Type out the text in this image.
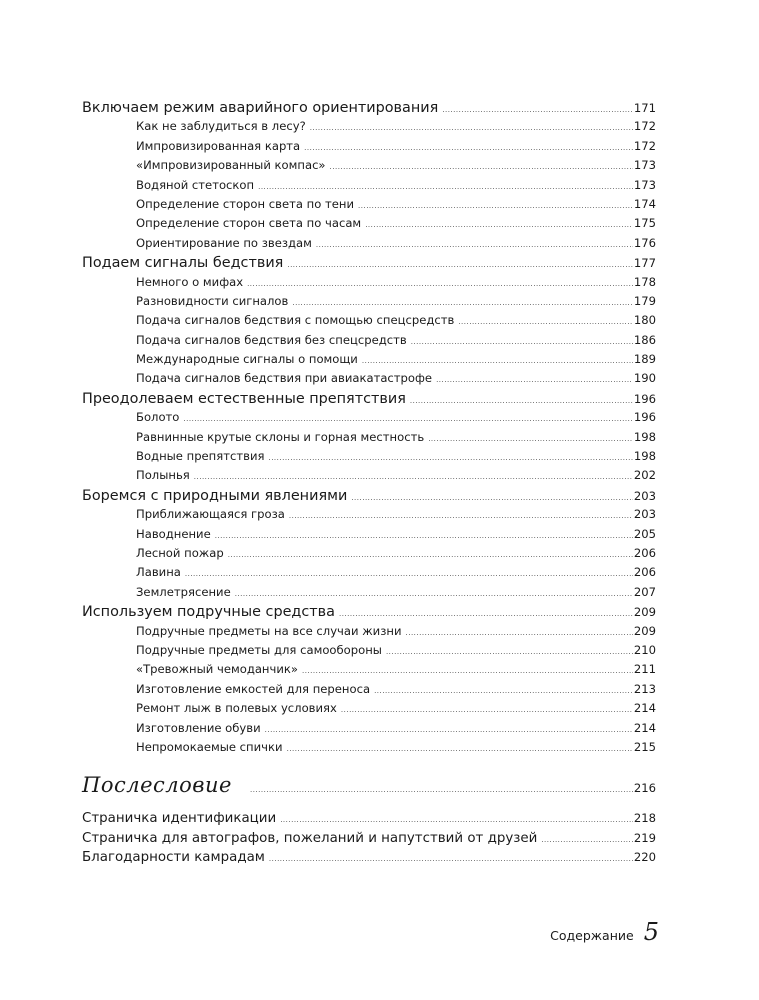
Включаем режим аварийного ориентирования .....	171
Как не заблудиться в лесу? .....	172
Импровизированная карта .....	172
«Импровизированный компас» .....	173
Водяной стетоскоп .....	173
Определение сторон света по тени .....	174
Определение сторон света по часам .....	175
Ориентирование по звездам .....	176
Подаем сигналы бедствия .....	177
Немного о мифах .....	178
Разновидности сигналов .....	179
Подача сигналов бедствия с помощью спецсредств .....	180
Подача сигналов бедствия без спецсредств .....	186
Международные сигналы о помощи .....	189
Подача сигналов бедствия при авиакатастрофе .....	190
Преодолеваем естественные препятствия .....	196
Болото .....	196
Равнинные крутые склоны и горная местность .....	198
Водные препятствия .....	198
Полынья .....	202
Боремся с природными явлениями .....	203
Приближающаяся гроза .....	203
Наводнение .....	205
Лесной пожар .....	206
Лавина .....	206
Землетрясение .....	207
Используем подручные средства .....	209
Подручные предметы на все случаи жизни .....	209
Подручные предметы для самообороны .....	210
«Тревожный чемоданчик» .....	211
Изготовление емкостей для переноса .....	213
Ремонт лыж в полевых условиях .....	214
Изготовление обуви .....	214
Непромокаемые спички .....	215
Послесловие .....	216
Страничка идентификации .....	218
Страничка для автографов, пожеланий и напутствий от друзей .....	219
Благодарности камрадам .....	220
Содержание 5
